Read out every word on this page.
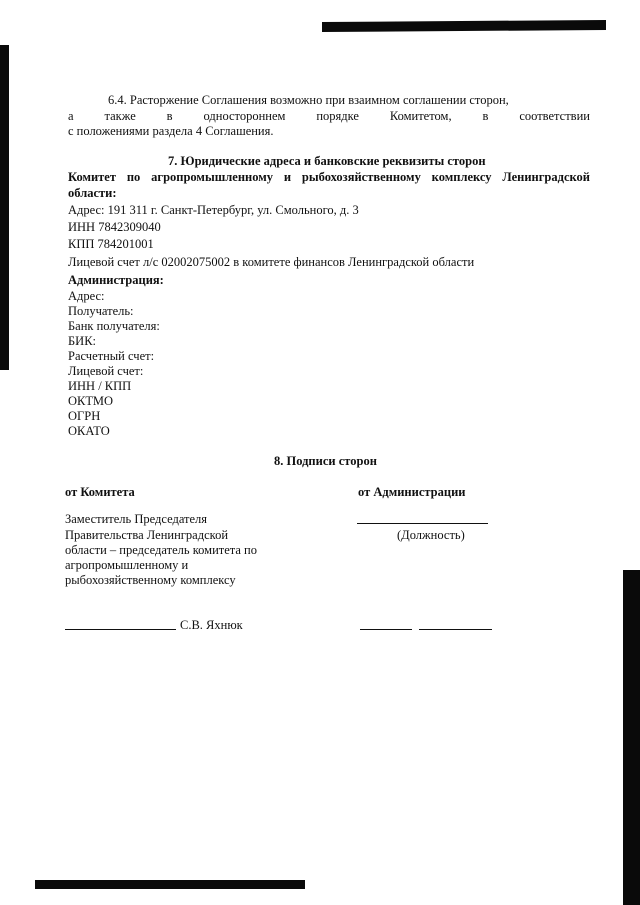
6.4. Расторжение Соглашения возможно при взаимном соглашении сторон,
а также в одностороннем порядке Комитетом, в соответствии
с положениями раздела 4 Соглашения.
7. Юридические адреса и банковские реквизиты сторон
Комитет по агропромышленному и рыбохозяйственному комплексу Ленинградской
области:
Адрес: 191 311 г. Санкт-Петербург, ул. Смольного, д. 3
ИНН 7842309040
КПП 784201001
Лицевой счет л/с 02002075002 в комитете финансов Ленинградской области
Администрация:
Адрес:
Получатель:
Банк получателя:
БИК:
Расчетный счет:
Лицевой счет:
ИНН / КПП
ОКТМО
ОГРН
ОКАТО
8. Подписи сторон
от Комитета	от Администрации
Заместитель Председателя
Правительства Ленинградской
области – председатель комитета по
агропромышленному и
рыбохозяйственному комплексу
(Должность)
С.В. Яхнюк
